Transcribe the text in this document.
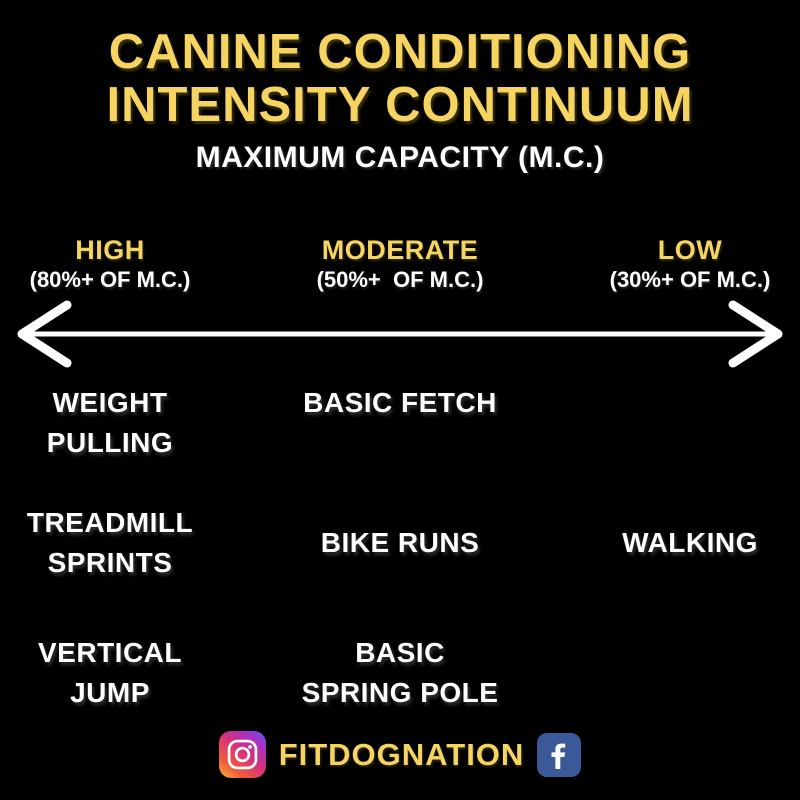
CANINE CONDITIONING
INTENSITY CONTINUUM
MAXIMUM CAPACITY (M.C.)
HIGH
(80%+ OF M.C.)
MODERATE
(50%+  OF M.C.)
LOW
(30%+ OF M.C.)
WEIGHT
PULLING
BASIC FETCH
TREADMILL
SPRINTS
BIKE RUNS	WALKING
VERTICAL
JUMP
BASIC
SPRING POLE
FITDOGNATION
